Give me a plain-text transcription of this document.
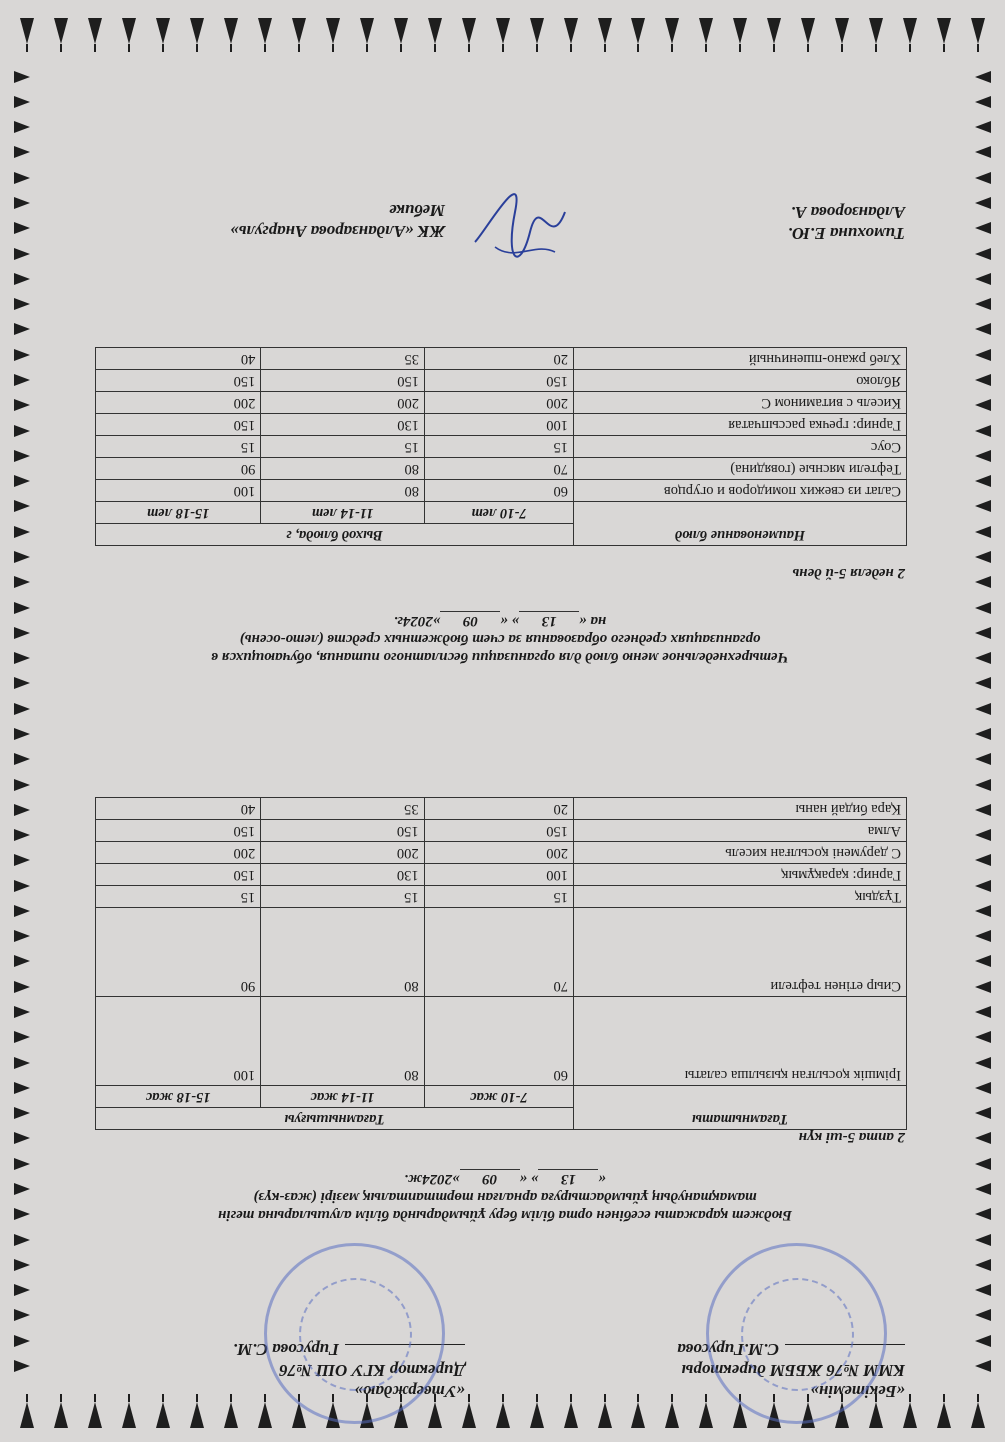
«Бекітемін»
КММ №76 ЖББМ директоры
С.М.Гирусова
«Утверждаю»
Директор КГУ ОШ №76
Гирусова С.М.
Бюджет қаражаты есебінен орта білім беру ұйымдарында білім алушыларына тегін
тамақтанудың ұйымдастыруға арналған төрттапталық мәзірі (жаз-күз)
«13» «09»2024ж.
2 апта 5-ші күн
Тағамнытаты	Тағамнышығуы		
	7-10 жас	11-14 жас	15-18 жас
Ірімшік қосылған қызылша салаты	60	80	100
Сиыр етінен тефтели	70	80	90
Тұздық	15	15	15
Гарнир: қарақұмық	100	130	150
С дәрумені қосылған кисель	200	200	200
Алма	150	150	150
Қара бидай наны	20	35	40
Четырехнедельное меню блюд для организации бесплатного питания, обучающихся в
организациях среднего образования за счет бюджетных средств (лето-осень)
на «13» «09»2024г.
2 неделя 5-й день
Наименование блюд	Выход блюда, г		
	7-10 лет	11-14 лет	15-18 лет
Салат из свежих помидоров и огурцов	60	80	100
Тефтели мясные (говядина)	70	80	90
Соус	15	15	15
Гарнир: гречка рассыпчатая	100	130	150
Кисель с витамином С	200	200	200
Яблоко	150	150	150
Хлеб ржано-пшеничный	20	35	40
Тимохина Е.Ю.
Алданзорова А.
ЖК «Алданзарова Анаргуль»
Мебике
